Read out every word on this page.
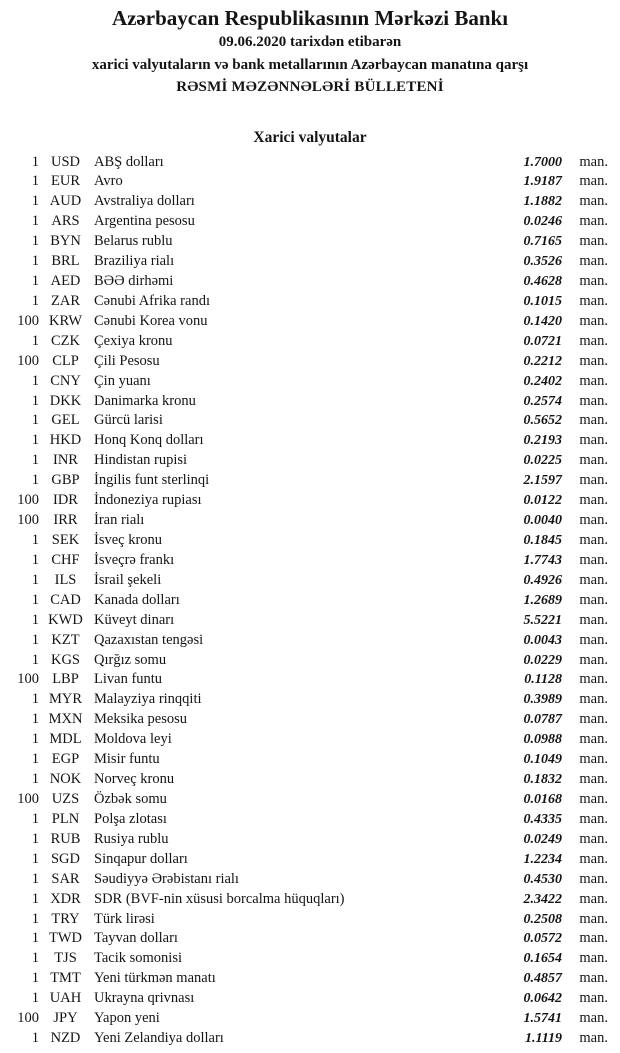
Azərbaycan Respublikasının Mərkəzi Bankı

09.06.2020 tarixdən etibarən

xarici valyutaların və bank metallarının Azərbaycan manatına qarşı

RƏSMİ MƏZƏNNƏLƏRİ BÜLLETENİ

Xarici valyutalar
1 USD ABŞ dolları	1.7000	man.
1 EUR Avro	1.9187	man.
1 AUD Avstraliya dolları	1.1882	man.
1 ARS Argentina pesosu	0.0246	man.
1 BYN Belarus rublu	0.7165	man.
1 BRL Braziliya rialı	0.3526	man.
1 AED BƏƏ dirhəmi	0.4628	man.
1 ZAR Cənubi Afrika randı	0.1015	man.
100 KRW Cənubi Korea vonu	0.1420	man.
1 CZK Çexiya kronu	0.0721	man.
100 CLP	Çili Pesosu	0.2212	man.
1 CNY Çin yuanı	0.2402	man.
1 DKK Danimarka kronu	0.2574	man.
1 GEL Gürcü larisi	0.5652	man.
1 HKD Honq Konq dolları	0.2193	man.
1 INR	Hindistan rupisi	0.0225	man.
1 GBP İngilis funt sterlinqi	2.1597	man.
100 IDR	İndoneziya rupiası	0.0122	man.
100 IRR	İran rialı	0.0040	man.
1 SEK	İsveç kronu	0.1845	man.
1 CHF İsveçrə frankı	1.7743	man.
1	ILS	İsrail şekeli	0.4926	man.
1 CAD Kanada dolları	1.2689	man.
1 KWD Küveyt dinarı	5.5221	man.
1 KZT Qazaxıstan tengəsi	0.0043	man.
1 KGS Qırğız somu	0.0229	man.
100 LBP	Livan funtu	0.1128	man.
1 MYR Malayziya rinqqiti	0.3989	man.
1 MXN Meksika pesosu	0.0787	man.
1 MDL Moldova leyi	0.0988	man.
1 EGP	Misir funtu	0.1049	man.
1 NOK Norveç kronu	0.1832	man.
100 UZS	Özbək somu	0.0168	man.
1 PLN	Polşa zlotası	0.4335	man.
1 RUB Rusiya rublu	0.0249	man.
1 SGD Sinqapur dolları	1.2234	man.
1 SAR Səudiyyə Ərəbistanı rialı	0.4530	man.
1 XDR SDR (BVF-nin xüsusi borcalma hüquqları)	2.3422	man.
1 TRY Türk lirəsi	0.2508	man.
1 TWD Tayvan dolları	0.0572	man.
1	TJS	Tacik somonisi	0.1654	man.
1 TMT Yeni türkmən manatı	0.4857	man.
1 UAH Ukrayna qrivnası	0.0642	man.
100 JPY	Yapon yeni	1.5741	man.
1 NZD Yeni Zelandiya dolları	1.1119	man.
